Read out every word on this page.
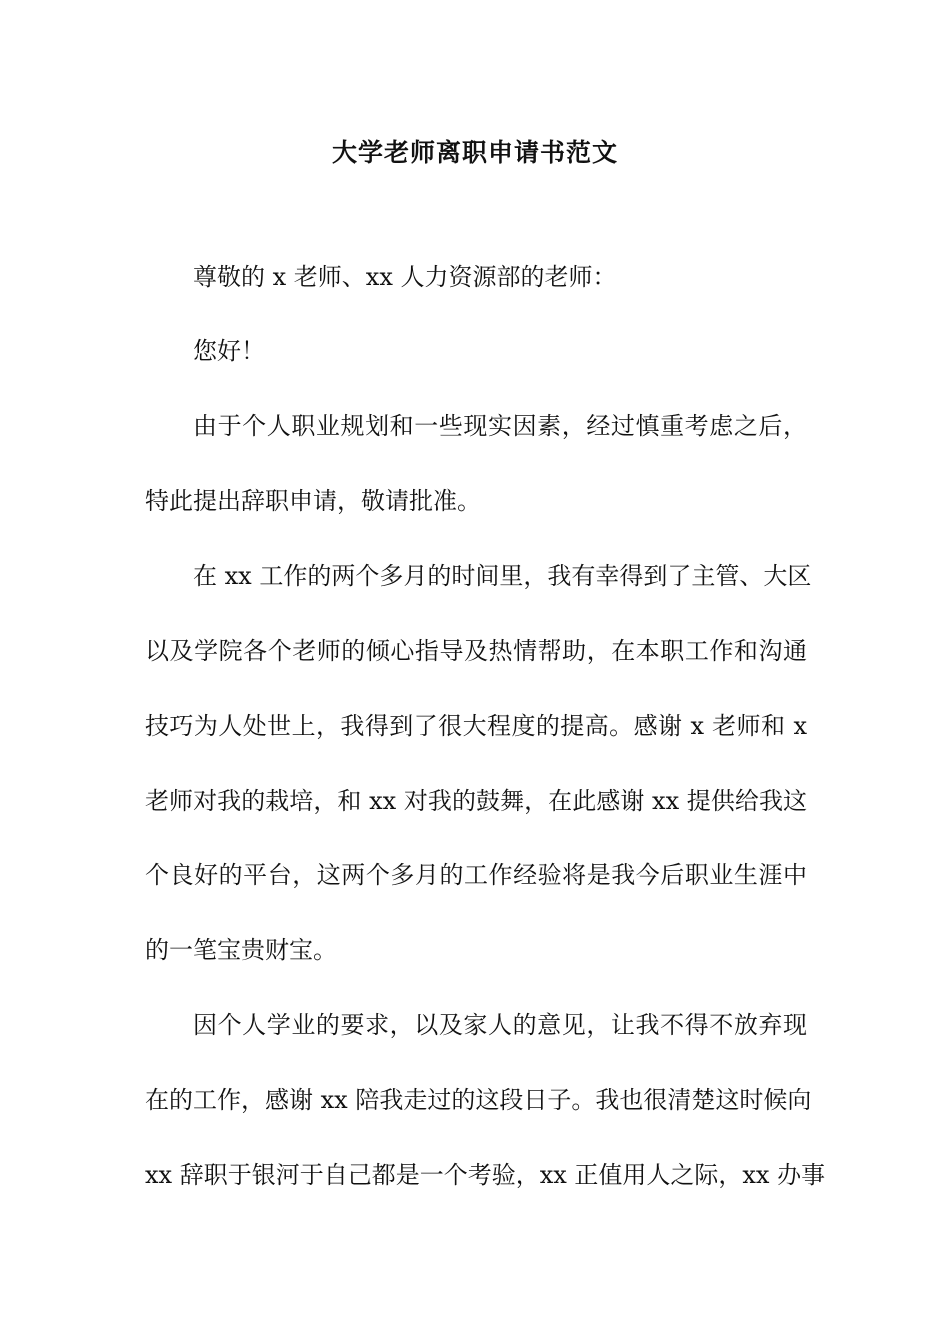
大学老师离职申请书范文
尊敬的 x 老师、xx 人力资源部的老师：
您好！
由于个人职业规划和一些现实因素，经过慎重考虑之后，
特此提出辞职申请，敬请批准。
在 xx 工作的两个多月的时间里，我有幸得到了主管、大区
以及学院各个老师的倾心指导及热情帮助，在本职工作和沟通
技巧为人处世上，我得到了很大程度的提高。感谢 x 老师和 x
老师对我的栽培，和 xx 对我的鼓舞，在此感谢 xx 提供给我这
个良好的平台，这两个多月的工作经验将是我今后职业生涯中
的一笔宝贵财宝。
因个人学业的要求，以及家人的意见，让我不得不放弃现
在的工作，感谢 xx 陪我走过的这段日子。我也很清楚这时候向
xx 辞职于银河于自己都是一个考验，xx 正值用人之际，xx 办事
